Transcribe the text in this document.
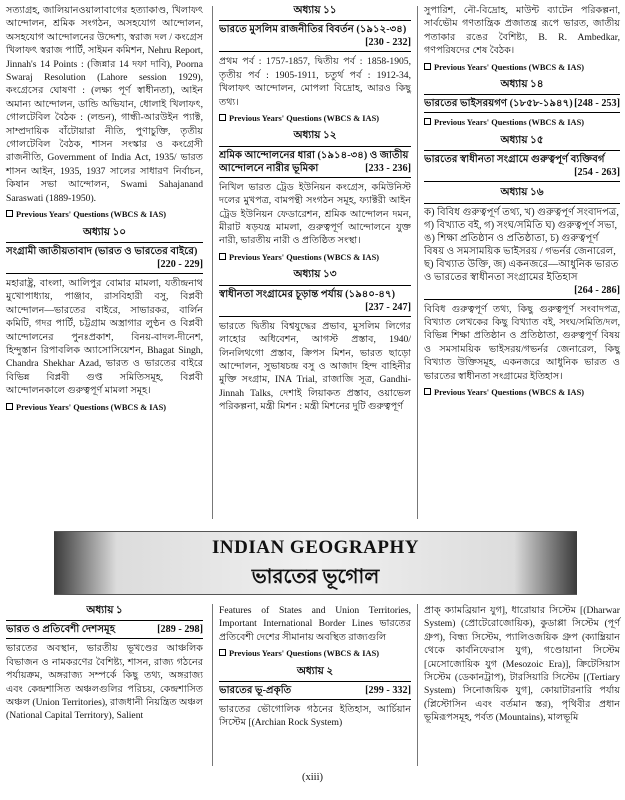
সত্যাগ্রহ, জালিয়ানওয়ালাবাগের হত্যাকাণ্ড, খিলাফৎ আন্দোলন, শ্রমিক সংগঠন, অসহযোগ আন্দোলন, অসহযোগ আন্দোলনের উদ্দেশ্য, স্বরাজ দল / কংগ্রেস খিলাফৎ স্বরাজ পার্টি, সাইমন কমিশন, Nehru Report, Jinnah's 14 Points : (জিন্নার 14 দফা দাবি), Poorna Swaraj Resolution (Lahore session 1929), কংগ্রেসের ঘোষণা : (লক্ষ্য পূর্ণ স্বাধীনতা), আইন অমান্য আন্দোলন, ডান্ডি অভিযান, ধোলাই খিলাফৎ, গোলটেবিল বৈঠক : (লন্ডন), গান্ধী-আরউইন প্যাক্ট, সাম্প্রদায়িক বাঁটোয়ারা নীতি, পুণাচুক্তি, তৃতীয় গোলটেবিল বৈঠক, শাসন সংস্কার ও কংগ্রেসী রাজনীতি, Government of India Act, 1935/ ভারত শাসন আইন, 1935, 1937 সালের সাধারণ নির্বাচন, কিষান সভা আন্দোলন, Swami Sahajanand Saraswati (1889-1950).
Previous Years' Questions (WBCS & IAS)
অধ্যায় ১০
সংগ্রামী জাতীয়তাবাদ (ভারত ও ভারতের বাইরে)
[220 - 229]
মহারাষ্ট্র, বাংলা, আলিপুর বোমার মামলা, যতীন্দ্রনাথ মুখোপাধ্যায়, পাঞ্জাব, রাসবিহারী বসু, বিপ্লবী আন্দোলন—ভারতের বাইরে, সাভারকর, বার্লিন কমিটি, গদর পার্টি, চট্টগ্রাম অস্ত্রাগার লুণ্ঠন ও বিপ্লবী আন্দোলনের পুনঃপ্রকাশ, বিনয়-বাদল-দীনেশ, হিন্দুস্তান রিপাবলিক অ্যাসোসিয়েশন, Bhagat Singh, Chandra Shekhar Azad, ভারত ও ভারতের বাইরে বিভিন্ন বিপ্লবী গুপ্ত সমিতিসমূহ, বিপ্লবী আন্দোলনকালে গুরুত্বপূর্ণ মামলা সমূহ।
Previous Years' Questions (WBCS & IAS)
অধ্যায় ১১
ভারতে মুসলিম রাজনীতির বিবর্তন (১৯১২-৩৪)
[230 - 232]
প্রথম পর্ব : 1757-1857, দ্বিতীয় পর্ব : 1858-1905, তৃতীয় পর্ব : 1905-1911, চতুর্থ পর্ব : 1912-34, খিলাফৎ আন্দোলন, মোপলা বিদ্রোহ, আরও কিছু তথ্য।
Previous Years' Questions (WBCS & IAS)
অধ্যায় ১২
শ্রমিক আন্দোলনের ধারা (১৯১৪-৩৪) ও জাতীয় আন্দোলনে নারীর ভূমিকা	[233 - 236]
নিখিল ভারত ট্রেড ইউনিয়ন কংগ্রেস, কমিউনিস্ট দলের মুখপত্র, বামপন্থী সংগঠন সমূহ, ফ্যাক্টরী আইন ট্রেড ইউনিয়ন ফেডারেশন, শ্রমিক আন্দোলন দমন, মীরাট ষড়যন্ত্র মামলা, গুরুত্বপূর্ণ আন্দোলনে যুক্ত নারী, ভারতীয় নারী ও প্রতিষ্ঠিত সংস্থা।
Previous Years' Questions (WBCS & IAS)
অধ্যায় ১৩
স্বাধীনতা সংগ্রামের চূড়ান্ত পর্যায় (১৯৪০-৪৭)
[237 - 247]
ভারতে দ্বিতীয় বিশ্বযুদ্ধের প্রভাব, মুসলিম লিগের লাহোর অধিবেশন, আগস্ট প্রস্তাব, 1940/ লিনলিথগো প্রস্তাব, ক্রিপস মিশন, ভারত ছাড়ো আন্দোলন, সুভাষচন্দ্র বসু ও আজাদ হিন্দ বাহিনীর মুক্তি সংগ্রাম, INA Trial, রাজাজি সূত্র, Gandhi-Jinnah Talks, দেশাই লিয়াকত প্রস্তাব, ওয়াভেল পরিকল্পনা, মন্ত্রী মিশন : মন্ত্রী মিশনের দুটি গুরুত্বপূর্ণ
সুপারিশ, নৌ-বিদ্রোহ, মাউন্ট ব্যাটেন পরিকল্পনা, সার্বভৌম গণতান্ত্রিক প্রজাতন্ত্র রূপে ভারত, জাতীয় পতাকার রঙের বৈশিষ্ট্য, B. R. Ambedkar, গণপরিষদের শেষ বৈঠক।
Previous Years' Questions (WBCS & IAS)
অধ্যায় ১৪
ভারতের ভাইসরয়গণ (১৮৫৮-১৯৪৭) [248 - 253]
Previous Years' Questions (WBCS & IAS)
অধ্যায় ১৫
ভারতের স্বাধীনতা সংগ্রামে গুরুত্বপূর্ণ ব্যক্তিবর্গ
[254 - 263]
অধ্যায় ১৬
ক) বিবিধ গুরুত্বপূর্ণ তথ্য, খ) গুরুত্বপূর্ণ সংবাদপত্র, গ) বিখ্যাত বই, গ) সংঘ/সমিতি ঘ) গুরুত্বপূর্ণ সভা, ঙ) শিক্ষা প্রতিষ্ঠান ও প্রতিষ্ঠাতা, চ) গুরুত্বপূর্ণ বিষয় ও সমসাময়িক ভাইসরয় / গভর্নর জেনারেল, ছ) বিখ্যাত উক্তি, জ) একনজরে—আধুনিক ভারত ও ভারতের স্বাধীনতা সংগ্রামের ইতিহাস
[264 - 286]
বিবিধ গুরুত্বপূর্ণ তথ্য, কিছু গুরুত্বপূর্ণ সংবাদপত্র, বিখ্যাত লেখকের কিছু বিখ্যাত বই, সংঘ/সমিতি/দল, বিভিন্ন শিক্ষা প্রতিষ্ঠান ও প্রতিষ্ঠাতা, গুরুত্বপূর্ণ বিষয় ও সমসাময়িক ভাইসরয়/গভর্নর জেনারেল, কিছু বিখ্যাত উক্তিসমূহ, একনজরে আধুনিক ভারত ও ভারতের স্বাধীনতা সংগ্রামের ইতিহাস।
Previous Years' Questions (WBCS & IAS)
INDIAN GEOGRAPHY
ভারতের ভূগোল
অধ্যায় ১
ভারত ও প্রতিবেশী দেশসমূহ	[289 - 298]
ভারতের অবস্থান, ভারতীয় ভূখণ্ডের আঞ্চলিক বিভাজন ও নামকরণের বৈশিষ্ট্য, শাসন, রাজ্য গঠনের পর্যায়ক্রম, অঙ্গরাজ্য সম্পর্কে কিছু তথ্য, অঙ্গরাজ্য এবং কেন্দ্রশাসিত অঞ্চলগুলির পরিচয়, কেন্দ্রশাসিত অঞ্চল (Union Territories), রাজধানী নিয়ন্ত্রিত অঞ্চল (National Capital Territory), Salient
Features of States and Union Territories, Important International Border Lines ভারতের প্রতিবেশী দেশের সীমানায় অবস্থিত রাজ্যগুলি
Previous Years' Questions (WBCS & IAS)
অধ্যায় ২
ভারতের ভূ-প্রকৃতি	[299 - 332]
ভারতের ভৌগোলিক গঠনের ইতিহাস, আর্চিয়ান সিস্টেম [(Archian Rock System)
প্রাক্ ক্যামব্রিয়ান যুগ], ধারোয়ার সিস্টেম [(Dharwar System) (প্রোটেরোজোয়িক), কুডাপ্পা সিস্টেম (পূর্ণ গ্রুপ), বিন্ধ্য সিস্টেম, প্যালিওজয়িক গ্রুপ (ক্যাম্ব্রিয়ান থেকে কার্বনিফেরাস যুগ), গণ্ডোয়ানা সিস্টেম [মেসোজোয়িক যুগ (Mesozoic Era)], ক্রিটেসিয়াস সিস্টেম (ডেকানট্রাপ), টারসিয়ারি সিস্টেম [(Tertiary System) সিনোজয়িক যুগ], কোয়াটারনারি পর্যায় (প্লিস্টোসিন এবং বর্তমান স্তর), পৃথিবীর প্রধান ভূমিরূপসমূহ, পর্বত (Mountains), মালভূমি
(xiii)
